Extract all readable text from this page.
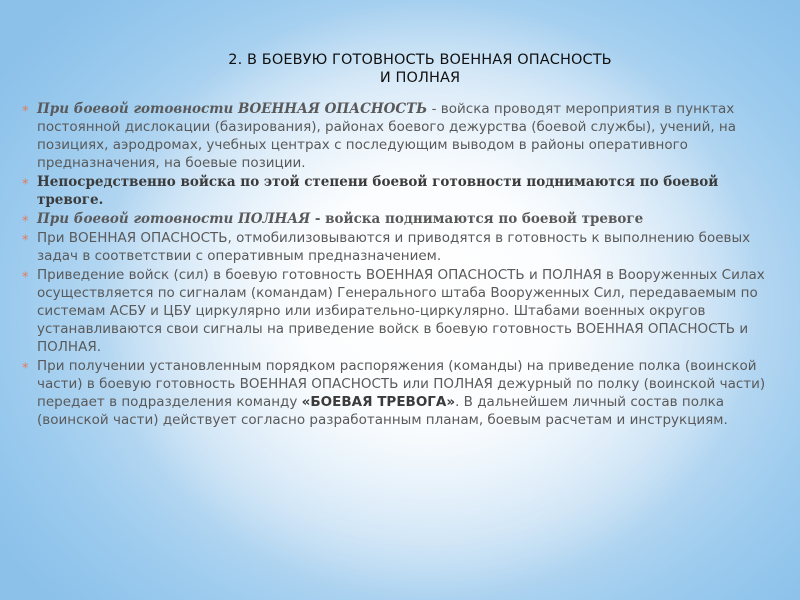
2. В БОЕВУЮ ГОТОВНОСТЬ ВОЕННАЯ ОПАСНОСТЬ
И ПОЛНАЯ
⁎ При боевой готовности ВОЕННАЯ ОПАСНОСТЬ - войска проводят мероприятия в пунктах постоянной дислокации (базирования), районах боевого дежурства (боевой службы), учений, на позициях, аэродромах, учебных центрах с последующим выводом в районы оперативного предназначения, на боевые позиции.
⁎ Непосредственно войска по этой степени боевой готовности поднимаются по боевой тревоге.
⁎ При боевой готовности ПОЛНАЯ - войска поднимаются по боевой тревоге
⁎ При ВОЕННАЯ ОПАСНОСТЬ, отмобилизовываются и приводятся в готовность к выполнению боевых задач в соответствии с оперативным предназначением.
⁎ Приведение войск (сил) в боевую готовность ВОЕННАЯ ОПАСНОСТЬ и ПОЛНАЯ в Вооруженных Силах осуществляется по сигналам (командам) Генерального штаба Вооруженных Сил, передаваемым по системам АСБУ и ЦБУ циркулярно или избирательно-циркулярно. Штабами военных округов устанавливаются свои сигналы на приведение войск в боевую готовность ВОЕННАЯ ОПАСНОСТЬ и ПОЛНАЯ.
⁎ При получении установленным порядком распоряжения (команды) на приведение полка (воинской части) в боевую готовность ВОЕННАЯ ОПАСНОСТЬ или ПОЛНАЯ дежурный по полку (воинской части) передает в подразделения команду «БОЕВАЯ ТРЕВОГА». В дальнейшем личный состав полка (воинской части) действует согласно разработанным планам, боевым расчетам и инструкциям.
